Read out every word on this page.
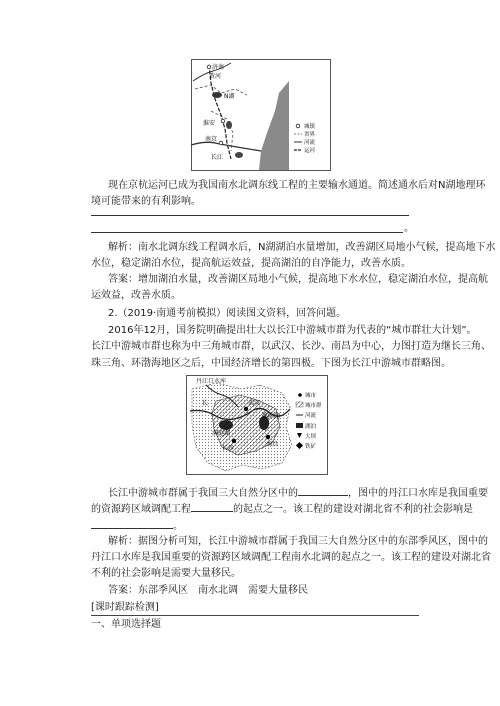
济南
黄河
N湖
淮安
南京
长江
城镇
省界
河流
运河
现在京杭运河已成为我国南水北调东线工程的主要输水通道。简述通水后对N湖地理环
境可能带来的有利影响。
。
解析：南水北调东线工程调水后，N湖湖泊水量增加，改善湖区局地小气候，提高地下水
水位，稳定湖泊水位，提高航运效益，提高湖泊的自净能力，改善水质。
答案：增加湖泊水量，改善湖区局地小气候，提高地下水水位，稳定湖泊水位，提高航
运效益，改善水质。
2.（2019·南通考前模拟）阅读图文资料，回答问题。
2016年12月，国务院明确提出壮大以长江中游城市群为代表的“城市群壮大计划”。
长江中游城市群也称为中三角城市群，以武汉、长沙、南昌为中心，力图打造为继长三角、
珠三角、环渤海地区之后，中国经济增长的第四极。下图为长江中游城市群略图。
丹江口水库
武汉
洞庭湖
鄱阳湖
长沙
南昌
长
城市
城市群
河流
湖泊
大坝
铁矿
长江中游城市群属于我国三大自然分区中的	，图中的丹江口水库是我国重要
的资源跨区域调配工程	的起点之一。该工程的建设对湖北省不利的社会影响是
。
解析：据图分析可知，长江中游城市群属于我国三大自然分区中的东部季风区，图中的
丹江口水库是我国重要的资源跨区域调配工程南水北调的起点之一。该工程的建设对湖北省
不利的社会影响是需要大量移民。
答案：东部季风区　南水北调　需要大量移民
[课时跟踪检测]
一、单项选择题
